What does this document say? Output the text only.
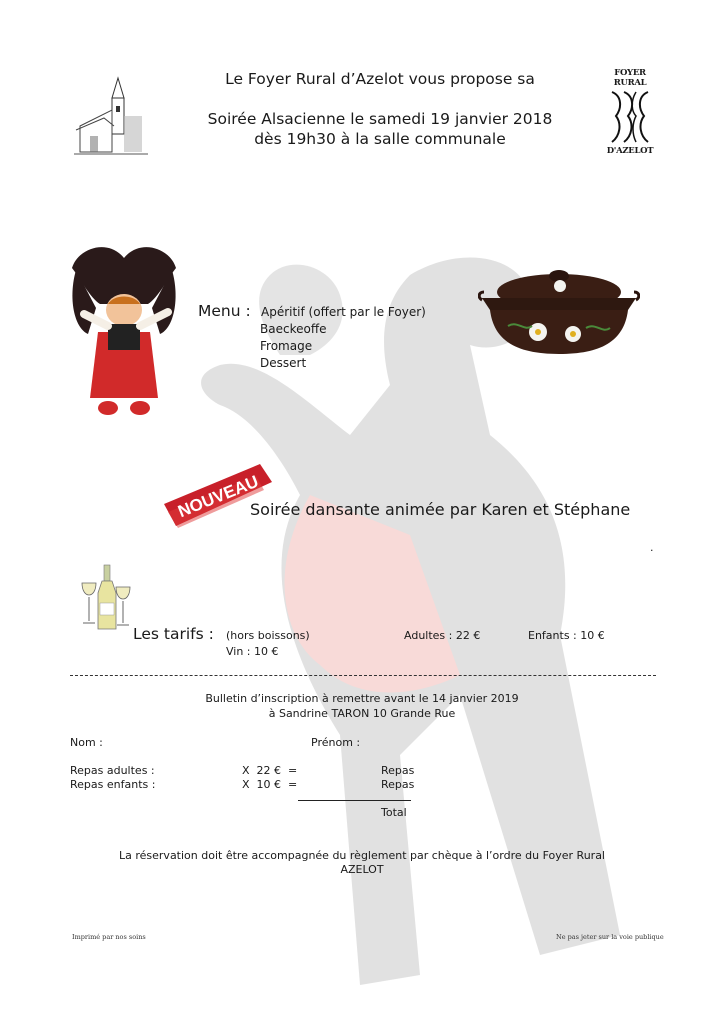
Le Foyer Rural d’Azelot vous propose sa
Soirée Alsacienne le samedi 19 janvier 2018
dès 19h30 à la salle communale
FOYER RURAL
D'AZELOT
Menu : Apéritif (offert par le Foyer)
Baeckeoffe
Fromage
Dessert
NOUVEAU
Soirée dansante animée par Karen et Stéphane
.
Les tarifs : (hors boissons)	Adultes : 22 €	Enfants : 10 €
Vin : 10 €
Bulletin d’inscription à remettre avant le 14 janvier 2019
à Sandrine TARON 10 Grande Rue
Nom :	Prénom :
Repas adultes :	X  22 €  =	Repas
Repas enfants :	X  10 €  =	Repas
Total
La réservation doit être accompagnée du règlement par chèque à l’ordre du Foyer Rural
AZELOT
Imprimé par nos soins	Ne pas jeter sur la voie publique
